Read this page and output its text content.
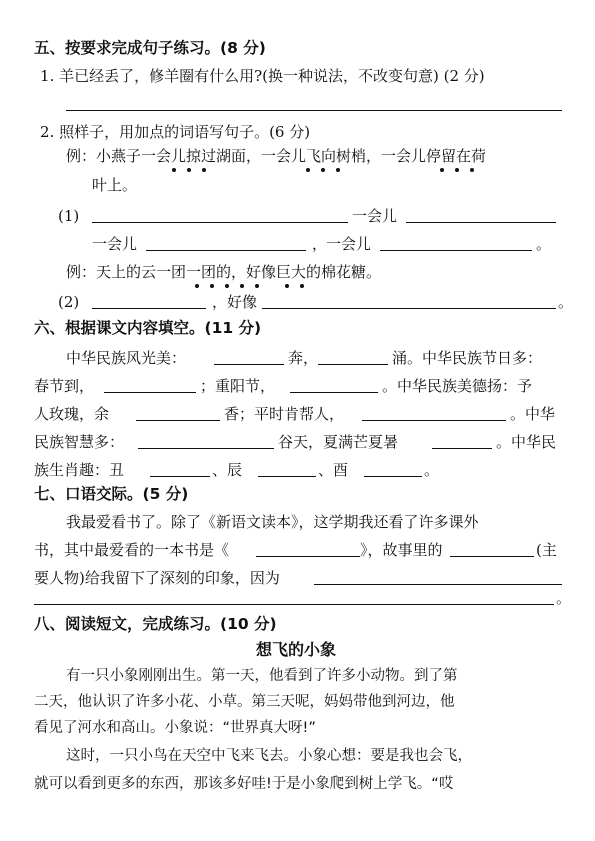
五、按要求完成句子练习。(8 分)
1. 羊已经丢了，修羊圈有什么用?(换一种说法，不改变句意) (2 分)
2. 照样子，用加点的词语写句子。(6 分)
例：小燕子一会儿掠过湖面，一会儿飞向树梢，一会儿停留在荷
叶上。
(1)	一会儿
一会儿	，
一会儿	。
例：天上的云一团一团的，好像巨大的棉花糖。
(2)	，好像	。
六、根据课文内容填空。(11 分)
中华民族风光美：	奔，	涌。中华民族节日多：
春节到，	；重阳节，	。中华民族美德扬：予
人玫瑰，余	香；平时肯帮人，	。中华
民族智慧多：	谷天，夏满芒夏暑	。中华民
族生肖趣：丑	、辰	、酉	。
七、口语交际。(5 分)
我最爱看书了。除了《新语文读本》，这学期我还看了许多课外
书，其中最爱看的一本书是《	》，故事里的	(主
要人物)给我留下了深刻的印象，因为
。
八、阅读短文，完成练习。(10 分)
想飞的小象
有一只小象刚刚出生。第一天，他看到了许多小动物。到了第
二天，他认识了许多小花、小草。第三天呢，妈妈带他到河边，他
看见了河水和高山。小象说：“世界真大呀!”
这时，一只小鸟在天空中飞来飞去。小象心想：要是我也会飞，
就可以看到更多的东西，那该多好哇!于是小象爬到树上学飞。“哎
